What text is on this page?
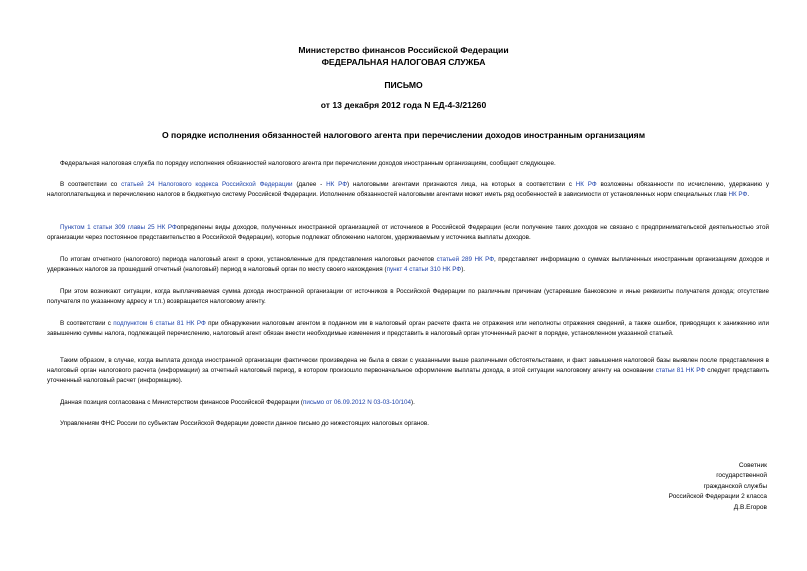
Министерство финансов Российской Федерации
ФЕДЕРАЛЬНАЯ НАЛОГОВАЯ СЛУЖБА
ПИСЬМО
от 13 декабря 2012 года N ЕД-4-3/21260
О порядке исполнения обязанностей налогового агента при перечислении доходов иностранным организациям
Федеральная налоговая служба по порядку исполнения обязанностей налогового агента при перечислении доходов иностранным организациям, сообщает следующее.
В соответствии со статьей 24 Налогового кодекса Российской Федерации (далее - НК РФ) налоговыми агентами признаются лица, на которых в соответствии с НК РФ возложены обязанности по исчислению, удержанию у налогоплательщика и перечислению налогов в бюджетную систему Российской Федерации. Исполнение обязанностей налоговыми агентами может иметь ряд особенностей в зависимости от установленных норм специальных глав НК РФ.
Пунктом 1 статьи 309 главы 25 НК РФопределены виды доходов, полученных иностранной организацией от источников в Российской Федерации (если получение таких доходов не связано с предпринимательской деятельностью этой организации через постоянное представительство в Российской Федерации), которые подлежат обложению налогом, удерживаемым у источника выплаты доходов.
По итогам отчетного (налогового) периода налоговый агент в сроки, установленные для представления налоговых расчетов статьей 289 НК РФ, представляет информацию о суммах выплаченных иностранным организациям доходов и удержанных налогов за прошедший отчетный (налоговый) период в налоговый орган по месту своего нахождения (пункт 4 статьи 310 НК РФ).
При этом возникают ситуации, когда выплачиваемая сумма дохода иностранной организации от источников в Российской Федерации по различным причинам (устаревшие банковские и иные реквизиты получателя дохода; отсутствие получателя по указанному адресу и т.п.) возвращается налоговому агенту.
В соответствии с подпунктом 6 статьи 81 НК РФ при обнаружении налоговым агентом в поданном им в налоговый орган расчете факта не отражения или неполноты отражения сведений, а также ошибок, приводящих к занижению или завышению суммы налога, подлежащей перечислению, налоговый агент обязан внести необходимые изменения и представить в налоговый орган уточненный расчет в порядке, установленном указанной статьей.
Таким образом, в случае, когда выплата дохода иностранной организации фактически произведена не была в связи с указанными выше различными обстоятельствами, и факт завышения налоговой базы выявлен после представления в налоговый орган налогового расчета (информации) за отчетный налоговый период, в котором произошло первоначальное оформление выплаты дохода, в этой ситуации налоговому агенту на основании статьи 81 НК РФ следует представить уточненный налоговый расчет (информацию).
Данная позиция согласована с Министерством финансов Российской Федерации (письмо от 06.09.2012 N 03-03-10/104).
Управлениям ФНС России по субъектам Российской Федерации довести данное письмо до нижестоящих налоговых органов.
Советник
государственной
гражданской службы
Российской Федерации 2 класса
Д.В.Егоров
